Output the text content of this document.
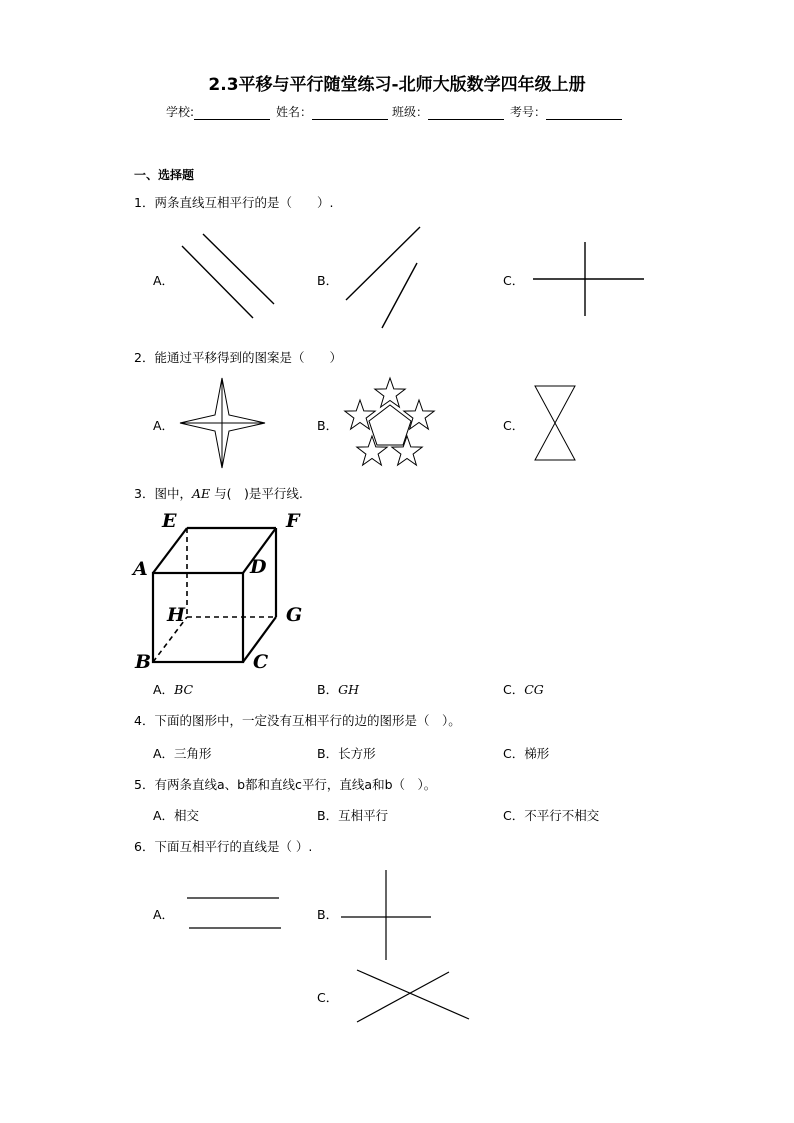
2.3平移与平行随堂练习-北师大版数学四年级上册
学校:	姓名：	班级：	考号：
一、选择题
1．两条直线互相平行的是（　　）.
A．	B．	C．
2．能通过平移得到的图案是（　　）
A．	B．	C．
3．图中，AE 与(　)是平行线.
E	F
A	D
H	G
B	C
A．BC	B．GH	C．CG
4．下面的图形中，一定没有互相平行的边的图形是（　）。
A．三角形	B．长方形	C．梯形
5．有两条直线a、b都和直线c平行，直线a和b（　）。
A．相交	B．互相平行	C．不平行不相交
6．下面互相平行的直线是（ ）.
A．	B．
C．
